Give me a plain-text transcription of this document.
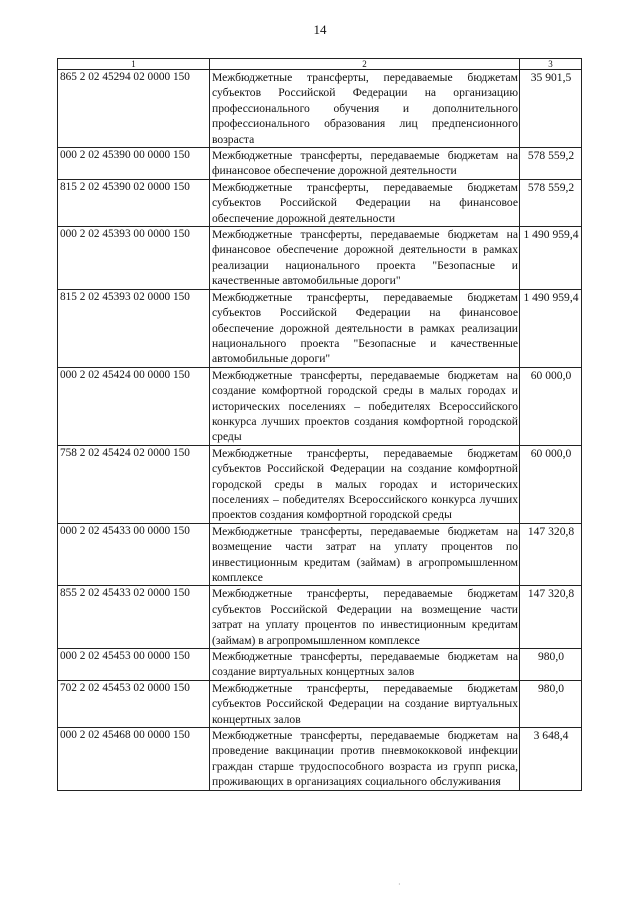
14
1	2	3
865 2 02 45294 02 0000 150	Межбюджетные трансферты, передаваемые бюджетам субъектов Российской Федерации на организацию профессионального обучения и дополнительного профессионального образования лиц предпенсионного возраста	35 901,5
000 2 02 45390 00 0000 150	Межбюджетные трансферты, передаваемые бюджетам на финансовое обеспечение дорожной деятельности	578 559,2
815 2 02 45390 02 0000 150	Межбюджетные трансферты, передаваемые бюджетам субъектов Российской Федерации на финансовое обеспечение дорожной деятельности	578 559,2
000 2 02 45393 00 0000 150	Межбюджетные трансферты, передаваемые бюджетам на финансовое обеспечение дорожной деятельности в рамках реализации национального проекта "Безопасные и качественные автомобильные дороги"	1 490 959,4
815 2 02 45393 02 0000 150	Межбюджетные трансферты, передаваемые бюджетам субъектов Российской Федерации на финансовое обеспечение дорожной деятельности в рамках реализации национального проекта "Безопасные и качественные автомобильные дороги"	1 490 959,4
000 2 02 45424 00 0000 150	Межбюджетные трансферты, передаваемые бюджетам на создание комфортной городской среды в малых городах и исторических поселениях – победителях Всероссийского конкурса лучших проектов создания комфортной городской среды	60 000,0
758 2 02 45424 02 0000 150	Межбюджетные трансферты, передаваемые бюджетам субъектов Российской Федерации на создание комфортной городской среды в малых городах и исторических поселениях – победителях Всероссийского конкурса лучших проектов создания комфортной городской среды	60 000,0
000 2 02 45433 00 0000 150	Межбюджетные трансферты, передаваемые бюджетам на возмещение части затрат на уплату процентов по инвестиционным кредитам (займам) в агропромышленном комплексе	147 320,8
855 2 02 45433 02 0000 150	Межбюджетные трансферты, передаваемые бюджетам субъектов Российской Федерации на возмещение части затрат на уплату процентов по инвестиционным кредитам (займам) в агропромышленном комплексе	147 320,8
000 2 02 45453 00 0000 150	Межбюджетные трансферты, передаваемые бюджетам на создание виртуальных концертных залов	980,0
702 2 02 45453 02 0000 150	Межбюджетные трансферты, передаваемые бюджетам субъектов Российской Федерации на создание виртуальных концертных залов	980,0
000 2 02 45468 00 0000 150	Межбюджетные трансферты, передаваемые бюджетам на проведение вакцинации против пневмококковой инфекции граждан старше трудоспособного возраста из групп риска, проживающих в организациях социального обслуживания	3 648,4
·
